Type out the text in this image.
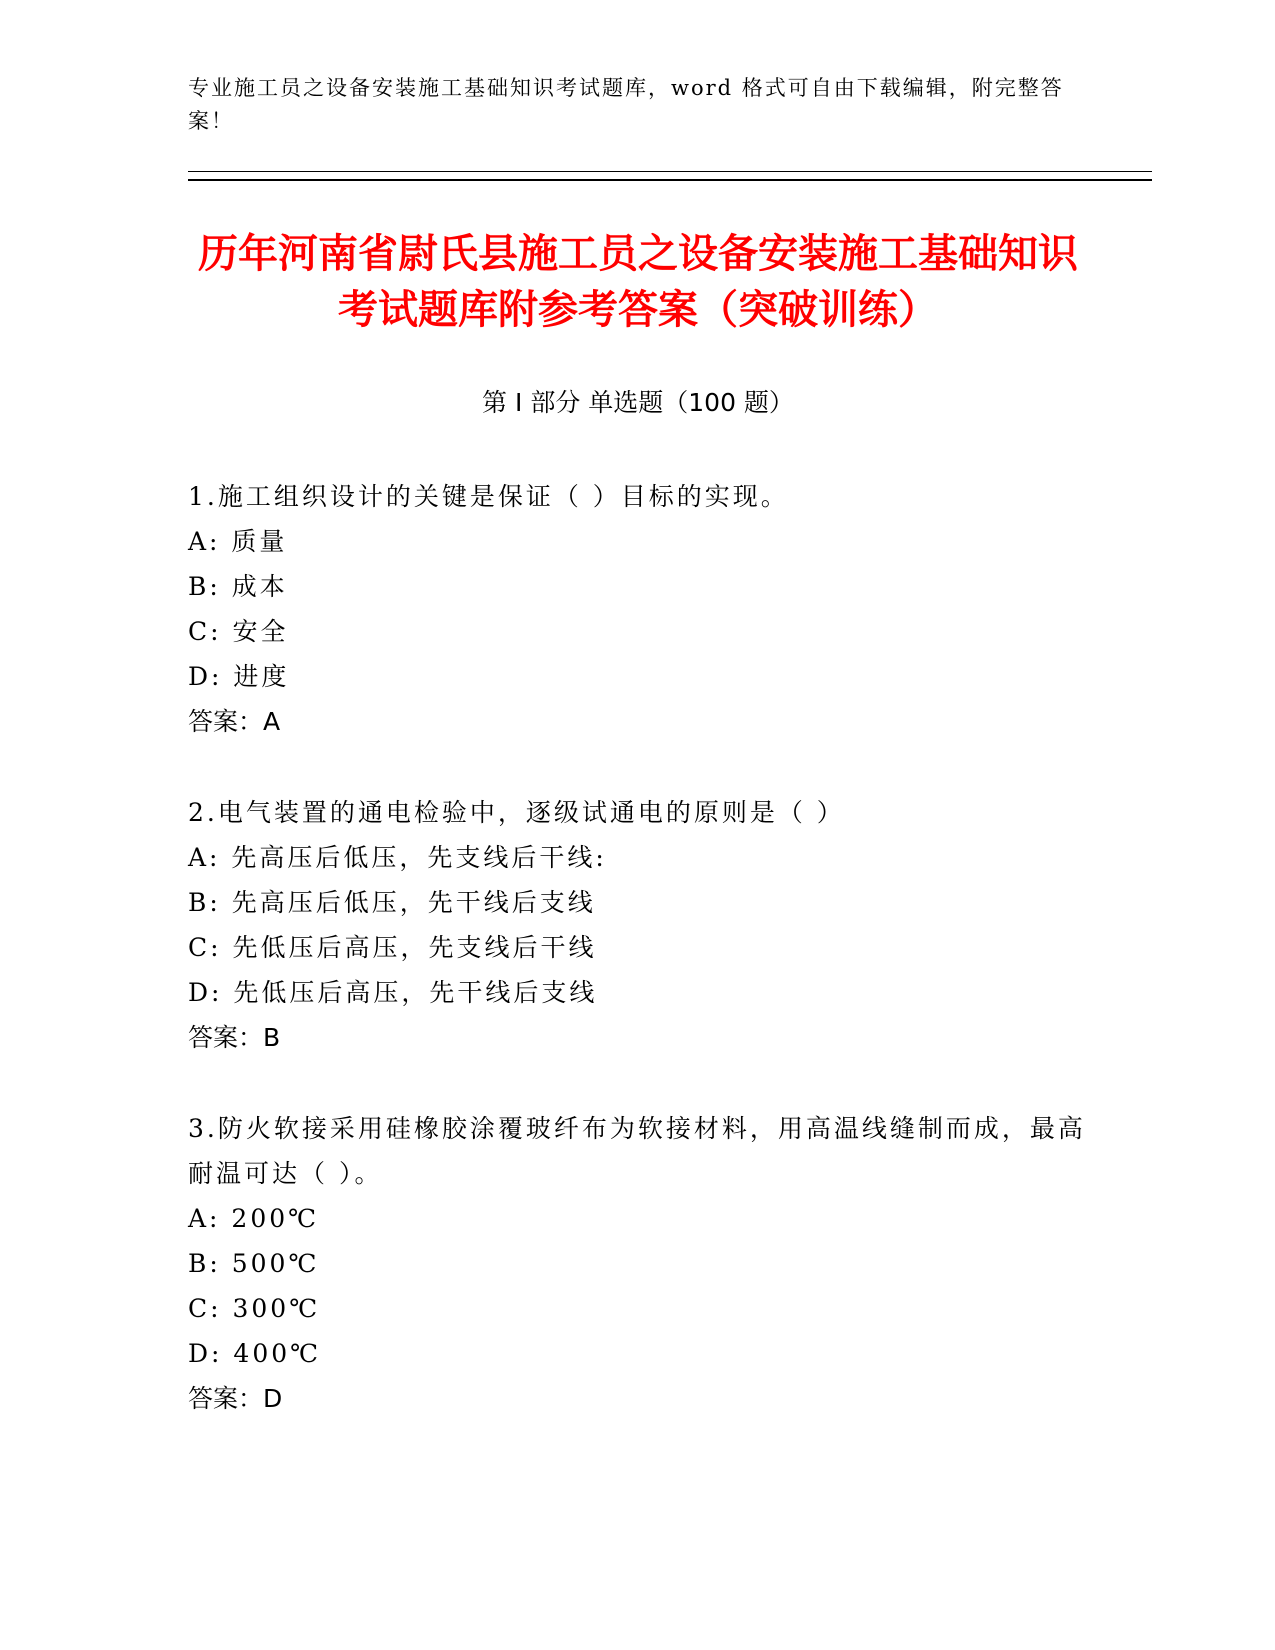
专业施工员之设备安装施工基础知识考试题库，word 格式可自由下载编辑，附完整答案！
历年河南省尉氏县施工员之设备安装施工基础知识考试题库附参考答案（突破训练）
第 I 部分 单选题（100 题）

1.施工组织设计的关键是保证（ ）目标的实现。

A: 质量

B: 成本

C: 安全

D: 进度

答案：A

2.电气装置的通电检验中，逐级试通电的原则是（ ）

A: 先高压后低压，先支线后干线:

B: 先高压后低压，先干线后支线

C: 先低压后高压，先支线后干线

D: 先低压后高压，先干线后支线

答案：B

3.防火软接采用硅橡胶涂覆玻纤布为软接材料，用高温线缝制而成，最高耐温可达（ ）。

A: 200℃

B: 500℃

C: 300℃

D: 400℃

答案：D
